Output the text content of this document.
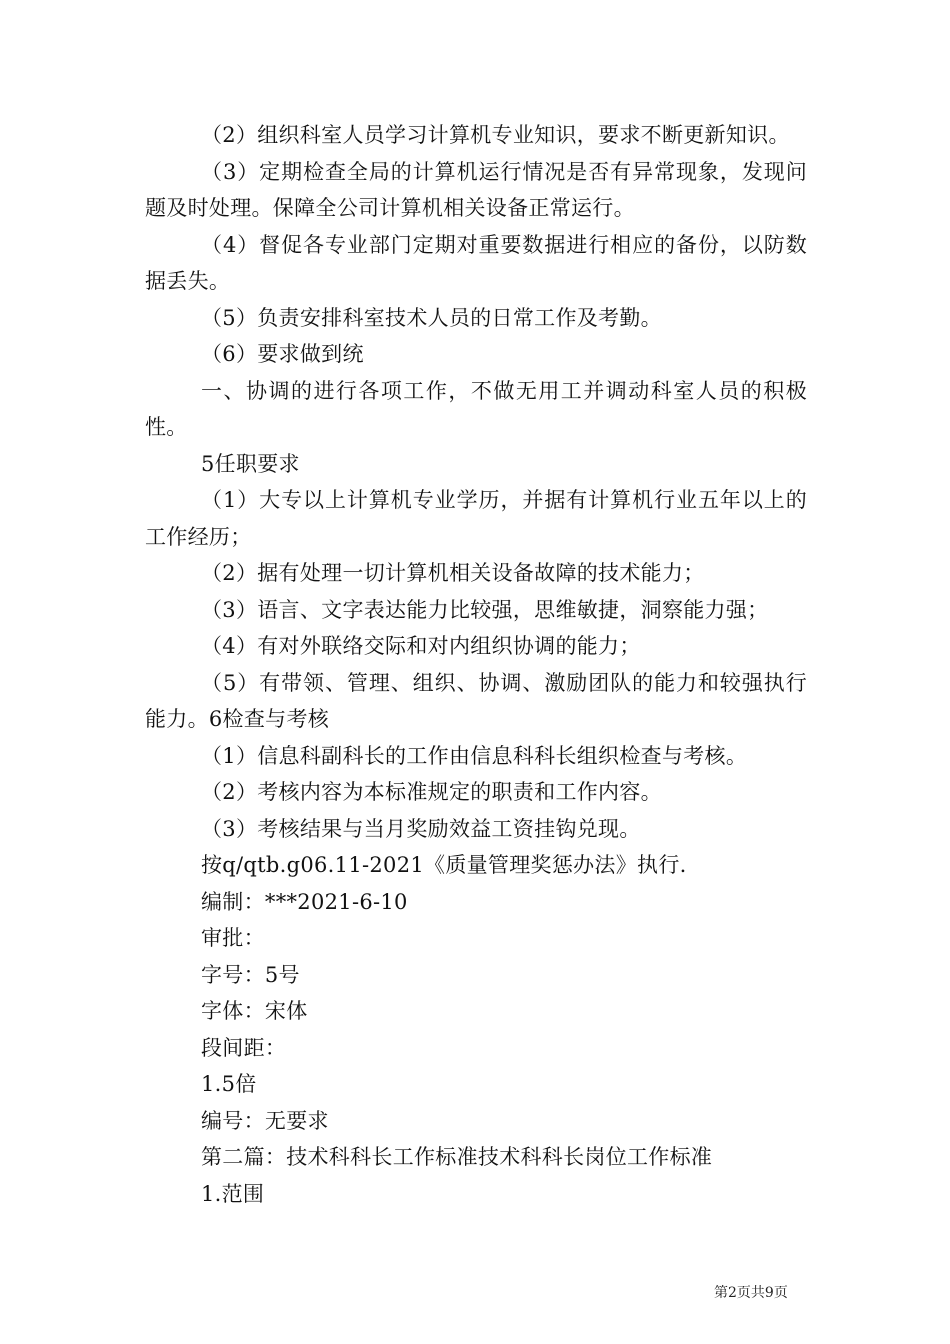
（2）组织科室人员学习计算机专业知识，要求不断更新知识。

（3）定期检查全局的计算机运行情况是否有异常现象，发现问题及时处理。保障全公司计算机相关设备正常运行。

（4）督促各专业部门定期对重要数据进行相应的备份，以防数据丢失。

（5）负责安排科室技术人员的日常工作及考勤。

（6）要求做到统

一、协调的进行各项工作，不做无用工并调动科室人员的积极性。

5任职要求

（1）大专以上计算机专业学历，并据有计算机行业五年以上的工作经历；

（2）据有处理一切计算机相关设备故障的技术能力；

（3）语言、文字表达能力比较强，思维敏捷，洞察能力强；

（4）有对外联络交际和对内组织协调的能力；

（5）有带领、管理、组织、协调、激励团队的能力和较强执行能力。6检查与考核

（1）信息科副科长的工作由信息科科长组织检查与考核。

（2）考核内容为本标准规定的职责和工作内容。

（3）考核结果与当月奖励效益工资挂钩兑现。

按q/qtb.g06.11-2021《质量管理奖惩办法》执行.

编制：***2021-6-10

审批：

字号：5号

字体：宋体

段间距：

1.5倍

编号：无要求

第二篇：技术科科长工作标准技术科科长岗位工作标准

1.范围

第2页共9页
